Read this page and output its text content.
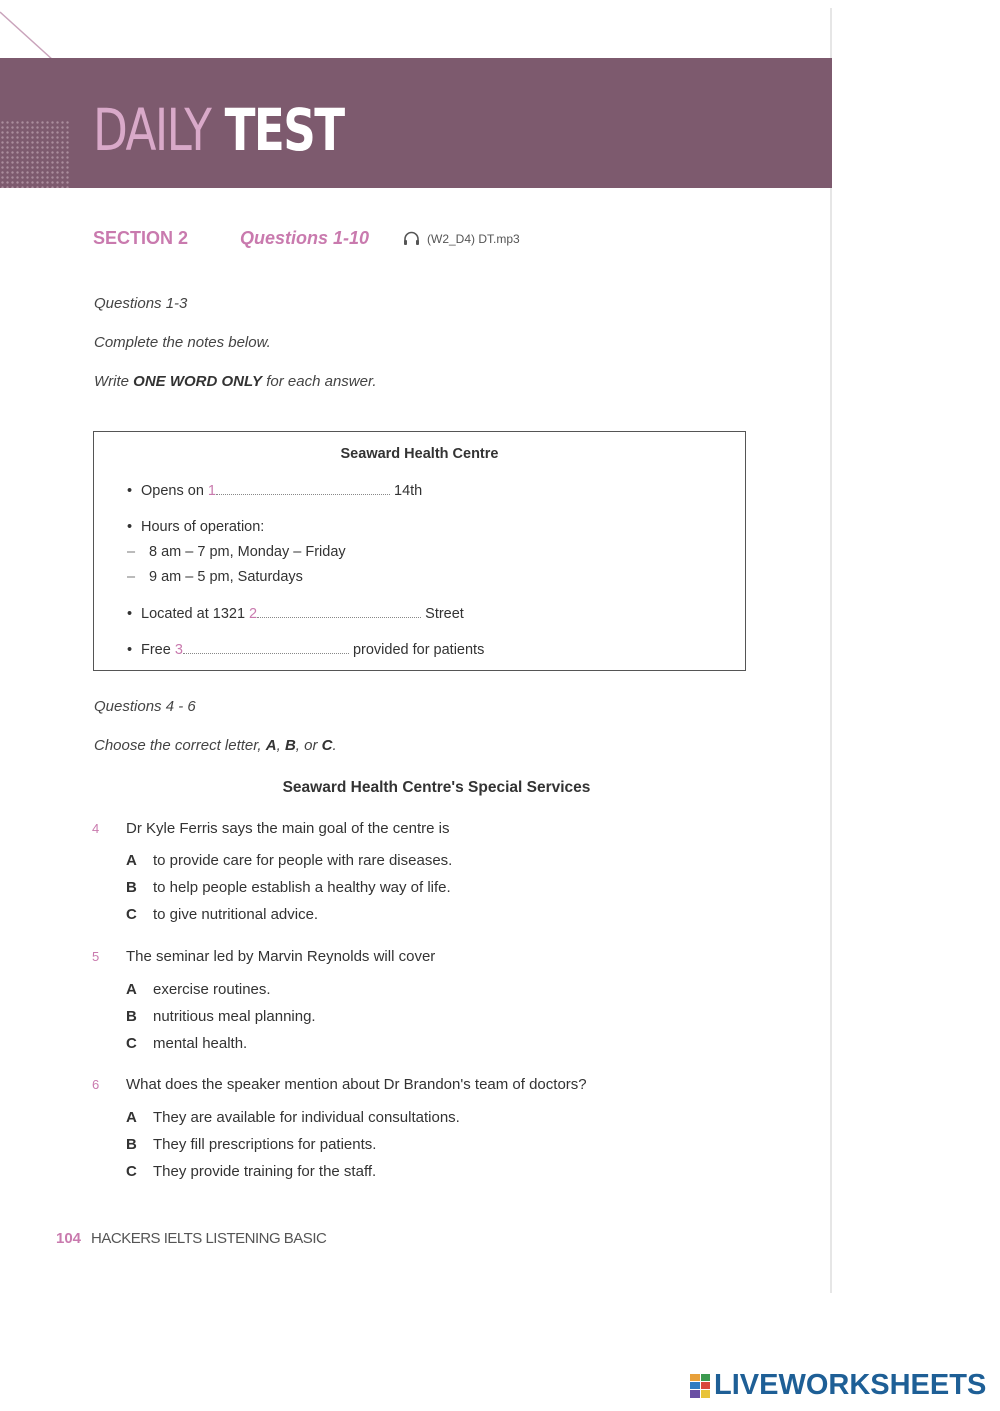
DAILY TEST
SECTION 2	Questions 1-10	(W2_D4) DT.mp3
Questions 1-3
Complete the notes below.
Write ONE WORD ONLY for each answer.
Seaward Health Centre
• Opens on 1	14th
• Hours of operation:
– 8 am – 7 pm, Monday – Friday
– 9 am – 5 pm, Saturdays
• Located at 1321 2	Street
• Free 3	provided for patients
Questions 4 - 6
Choose the correct letter, A, B, or C.
Seaward Health Centre's Special Services
4 Dr Kyle Ferris says the main goal of the centre is
A to provide care for people with rare diseases.
B to help people establish a healthy way of life.
C to give nutritional advice.
5 The seminar led by Marvin Reynolds will cover
A exercise routines.
B nutritious meal planning.
C mental health.
6 What does the speaker mention about Dr Brandon's team of doctors?
A They are available for individual consultations.
B They fill prescriptions for patients.
C They provide training for the staff.
104 HACKERS IELTS LISTENING BASIC
LIVEWORKSHEETS
